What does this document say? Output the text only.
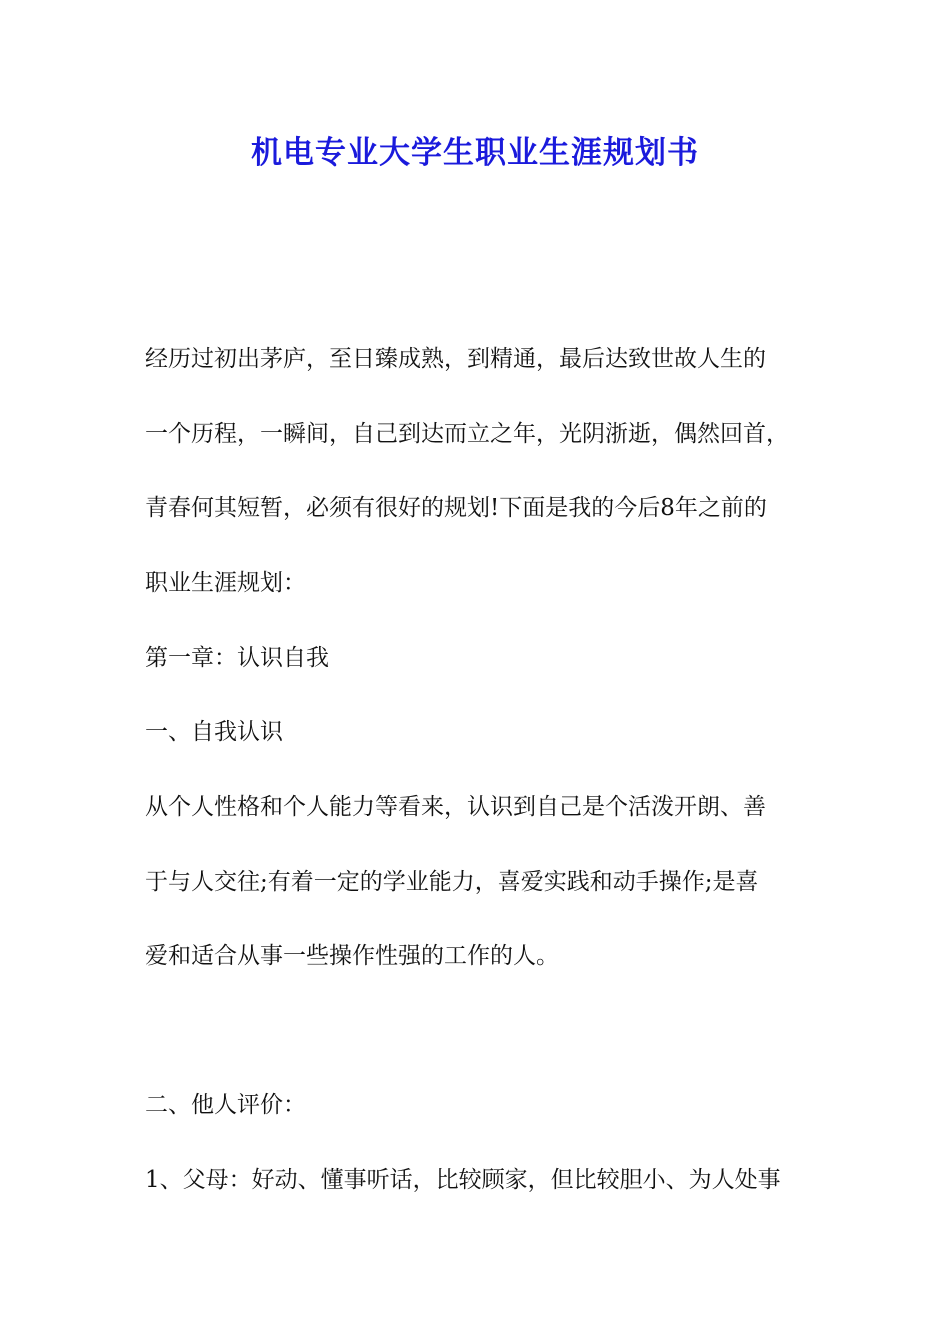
机电专业大学生职业生涯规划书
经历过初出茅庐，至日臻成熟，到精通，最后达致世故人生的
一个历程，一瞬间，自己到达而立之年，光阴浙逝，偶然回首，
青春何其短暂，必须有很好的规划!下面是我的今后8年之前的
职业生涯规划：
第一章：认识自我
一、自我认识
从个人性格和个人能力等看来，认识到自己是个活泼开朗、善
于与人交往;有着一定的学业能力，喜爱实践和动手操作;是喜
爱和适合从事一些操作性强的工作的人。
二、他人评价：
1、父母：好动、懂事听话，比较顾家，但比较胆小、为人处事
